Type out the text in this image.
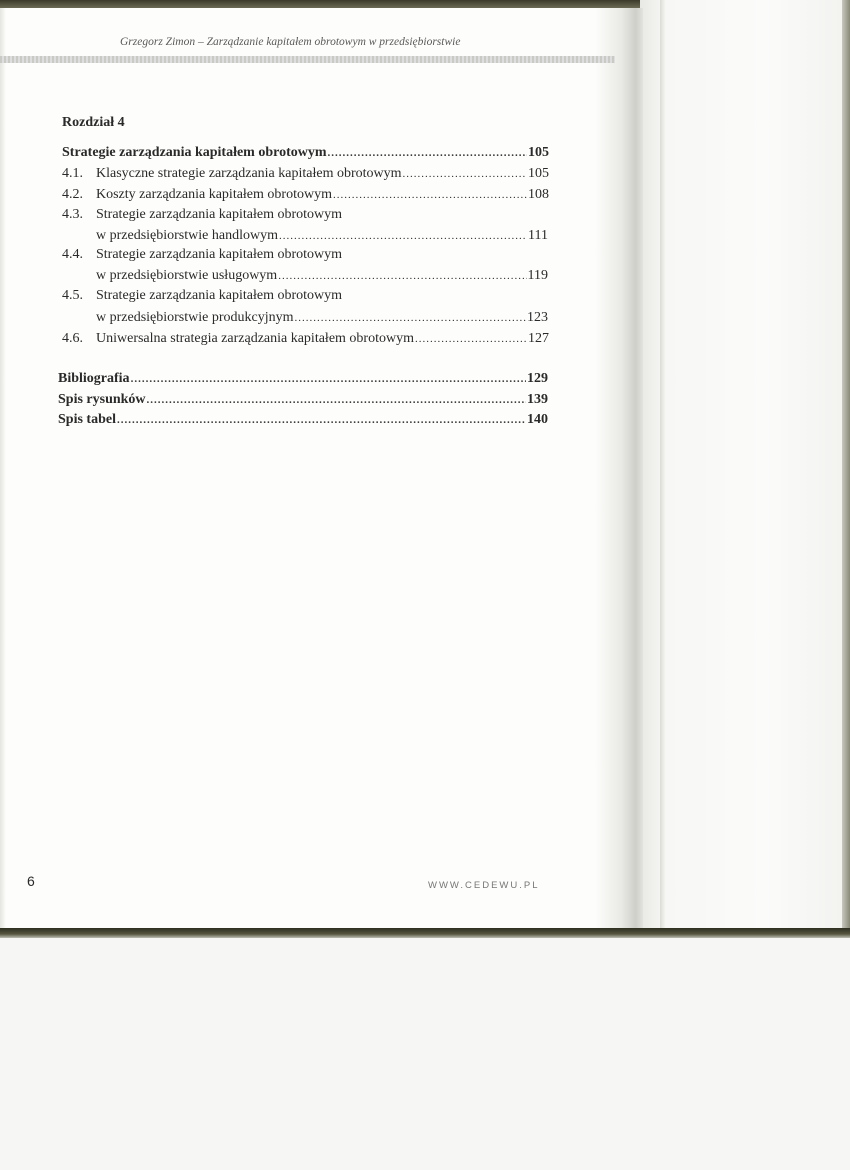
Grzegorz Zimon – Zarządzanie kapitałem obrotowym w przedsiębiorstwie
Rozdział 4
Strategie zarządzania kapitałem obrotowym .....	105
4.1. Klasyczne strategie zarządzania kapitałem obrotowym .....	105
4.2. Koszty zarządzania kapitałem obrotowym .....	108
4.3. Strategie zarządzania kapitałem obrotowym
w przedsiębiorstwie handlowym .....	111
4.4. Strategie zarządzania kapitałem obrotowym
w przedsiębiorstwie usługowym .....	119
4.5. Strategie zarządzania kapitałem obrotowym
w przedsiębiorstwie produkcyjnym .....	123
4.6. Uniwersalna strategia zarządzania kapitałem obrotowym .....	127
Bibliografia .....	129
Spis rysunków .....	139
Spis tabel .....	140
6	WWW.CEDEWU.PL
